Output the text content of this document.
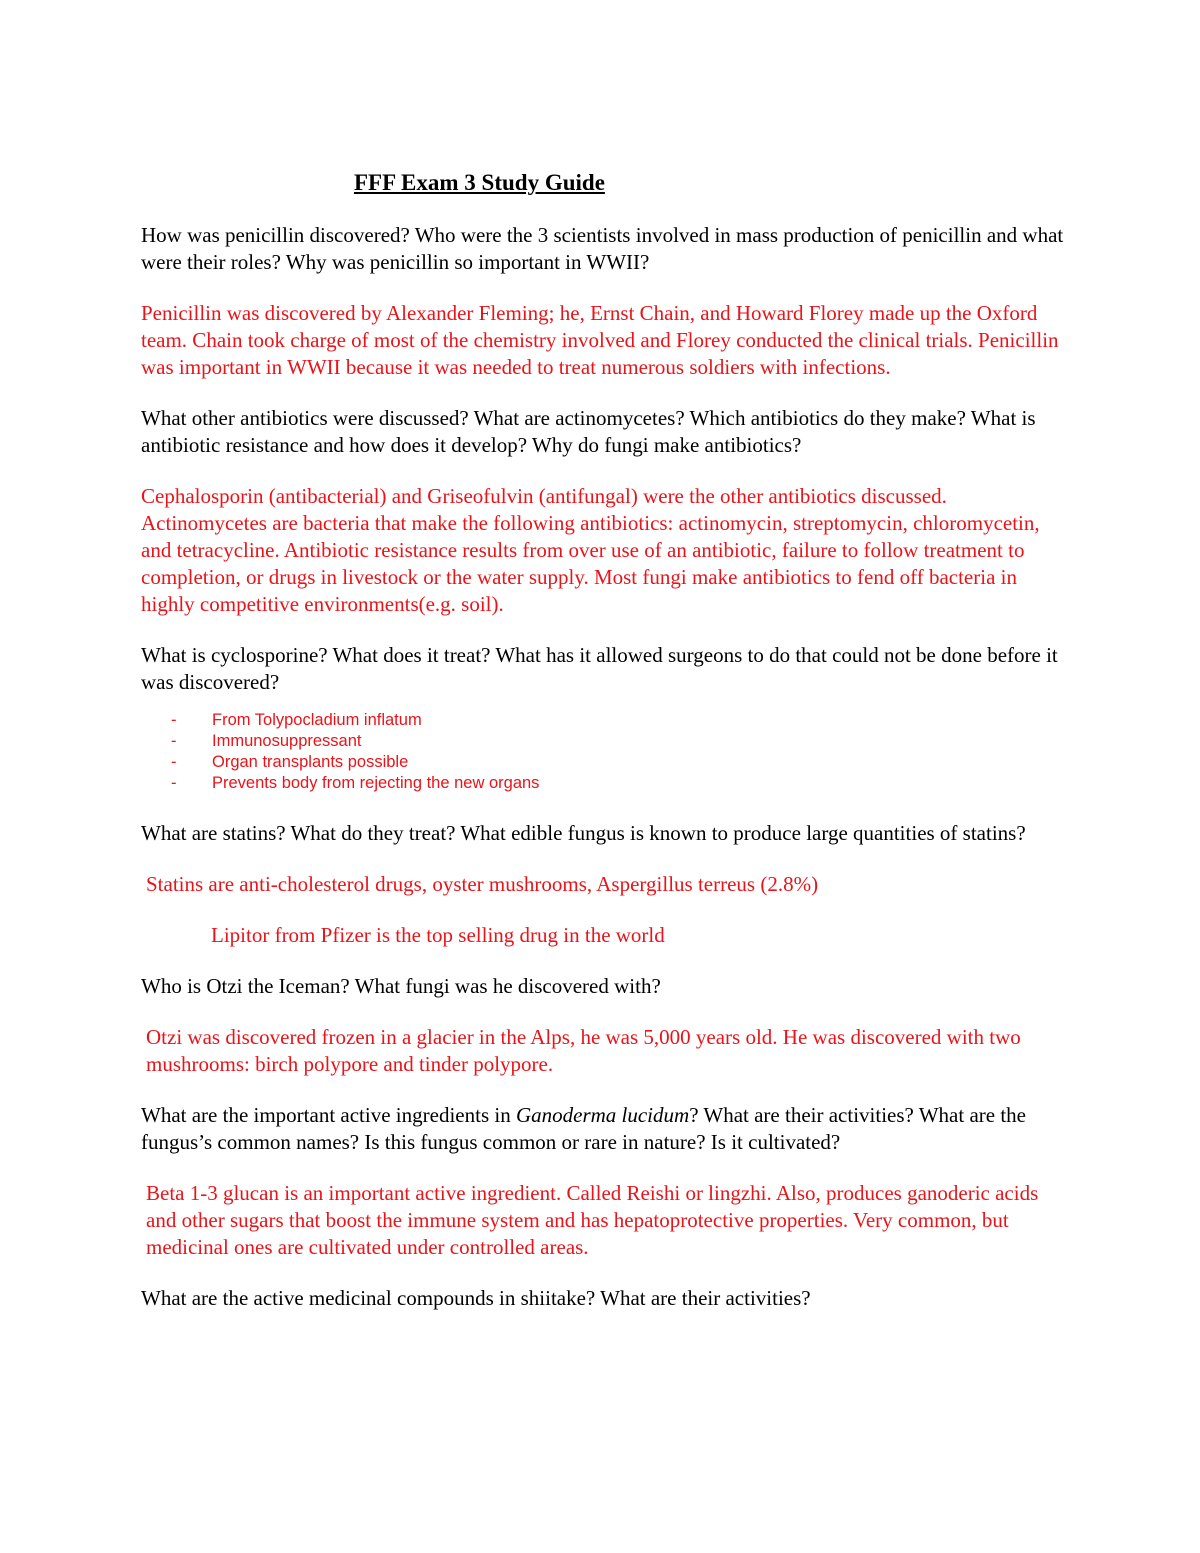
FFF Exam 3 Study Guide

How was penicillin discovered? Who were the 3 scientists involved in mass production of penicillin and what were their roles? Why was penicillin so important in WWII?

Penicillin was discovered by Alexander Fleming; he, Ernst Chain, and Howard Florey made up the Oxford team. Chain took charge of most of the chemistry involved and Florey conducted the clinical trials. Penicillin was important in WWII because it was needed to treat numerous soldiers with infections.

What other antibiotics were discussed? What are actinomycetes? Which antibiotics do they make? What is antibiotic resistance and how does it develop? Why do fungi make antibiotics?

Cephalosporin (antibacterial) and Griseofulvin (antifungal) were the other antibiotics discussed. Actinomycetes are bacteria that make the following antibiotics: actinomycin, streptomycin, chloromycetin, and tetracycline. Antibiotic resistance results from over use of an antibiotic, failure to follow treatment to completion, or drugs in livestock or the water supply. Most fungi make antibiotics to fend off bacteria in highly competitive environments(e.g. soil).

What is cyclosporine? What does it treat? What has it allowed surgeons to do that could not be done before it was discovered?

- From Tolypocladium inflatum
- Immunosuppressant
- Organ transplants possible
- Prevents body from rejecting the new organs

What are statins? What do they treat? What edible fungus is known to produce large quantities of statins?

Statins are anti-cholesterol drugs, oyster mushrooms, Aspergillus terreus (2.8%)

Lipitor from Pfizer is the top selling drug in the world

Who is Otzi the Iceman? What fungi was he discovered with?

Otzi was discovered frozen in a glacier in the Alps, he was 5,000 years old. He was discovered with two mushrooms: birch polypore and tinder polypore.

What are the important active ingredients in Ganoderma lucidum? What are their activities? What are the fungus’s common names? Is this fungus common or rare in nature? Is it cultivated?

Beta 1-3 glucan is an important active ingredient. Called Reishi or lingzhi. Also, produces ganoderic acids and other sugars that boost the immune system and has hepatoprotective properties. Very common, but medicinal ones are cultivated under controlled areas.

What are the active medicinal compounds in shiitake? What are their activities?
